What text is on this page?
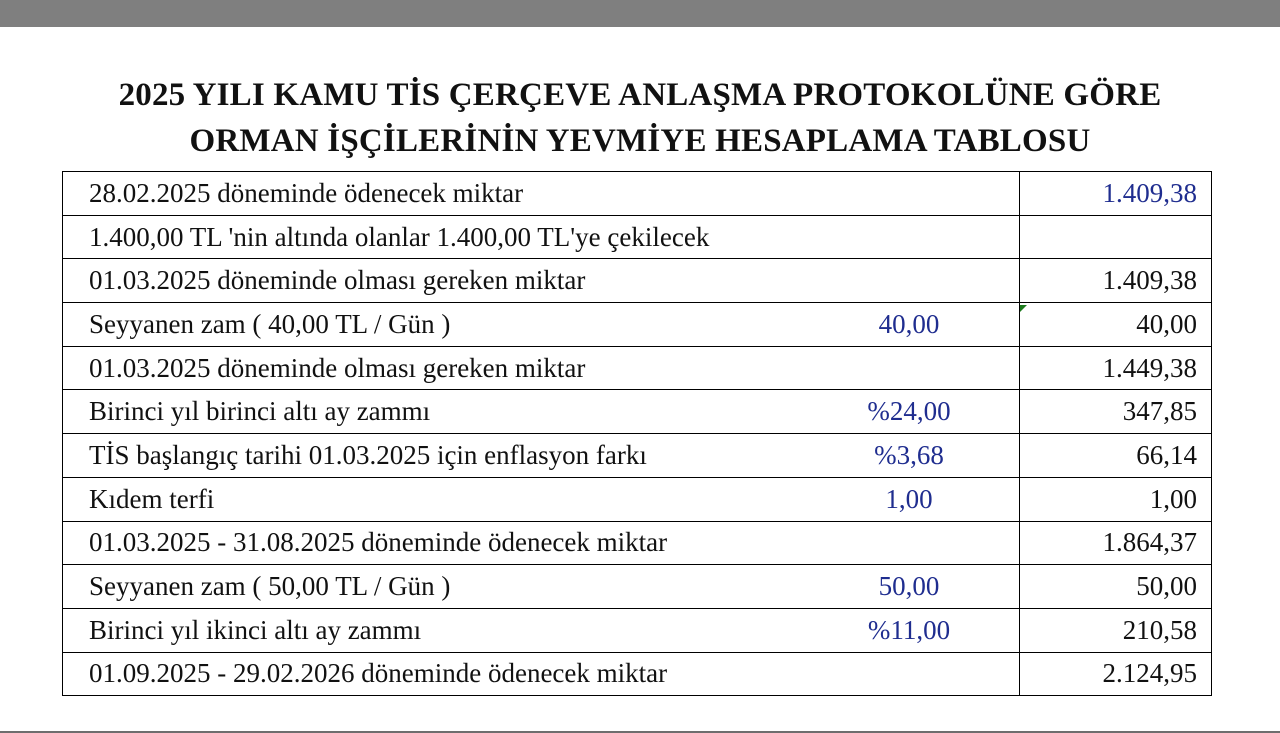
2025 YILI KAMU TİS ÇERÇEVE ANLAŞMA PROTOKOLÜNE GÖRE
ORMAN İŞÇİLERİNİN YEVMİYE HESAPLAMA TABLOSU
28.02.2025 döneminde ödenecek miktar	1.409,38

1.400,00 TL 'nin altında olanlar 1.400,00 TL'ye çekilecek	

01.03.2025 döneminde olması gereken miktar	1.409,38

Seyyanen zam ( 40,00 TL / Gün ) 40,00	40,00

01.03.2025 döneminde olması gereken miktar	1.449,38

Birinci yıl birinci altı ay zammı %24,00	347,85

TİS başlangıç tarihi 01.03.2025 için enflasyon farkı %3,68	66,14

Kıdem terfi 1,00	1,00

01.03.2025 - 31.08.2025 döneminde ödenecek miktar	1.864,37

Seyyanen zam ( 50,00 TL / Gün ) 50,00	50,00

Birinci yıl ikinci altı ay zammı %11,00	210,58

01.09.2025 - 29.02.2026 döneminde ödenecek miktar	2.124,95
